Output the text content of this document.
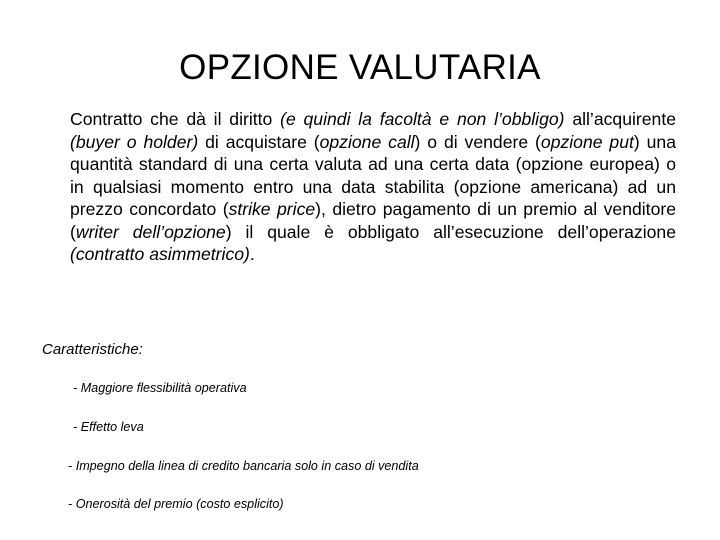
OPZIONE VALUTARIA
Contratto che dà il diritto (e quindi la facoltà e non l’obbligo) all’acquirente (buyer o holder) di acquistare (opzione call) o di vendere (opzione put) una quantità standard di una certa valuta ad una certa data (opzione europea) o in qualsiasi momento entro una data stabilita (opzione americana) ad un prezzo concordato (strike price), dietro pagamento di un premio al venditore (writer dell’opzione) il quale è obbligato all’esecuzione dell’operazione (contratto asimmetrico).
Caratteristiche:
- Maggiore flessibilità operativa
- Effetto leva
- Impegno della linea di credito bancaria solo in caso di vendita
- Onerosità del premio (costo esplicito)
